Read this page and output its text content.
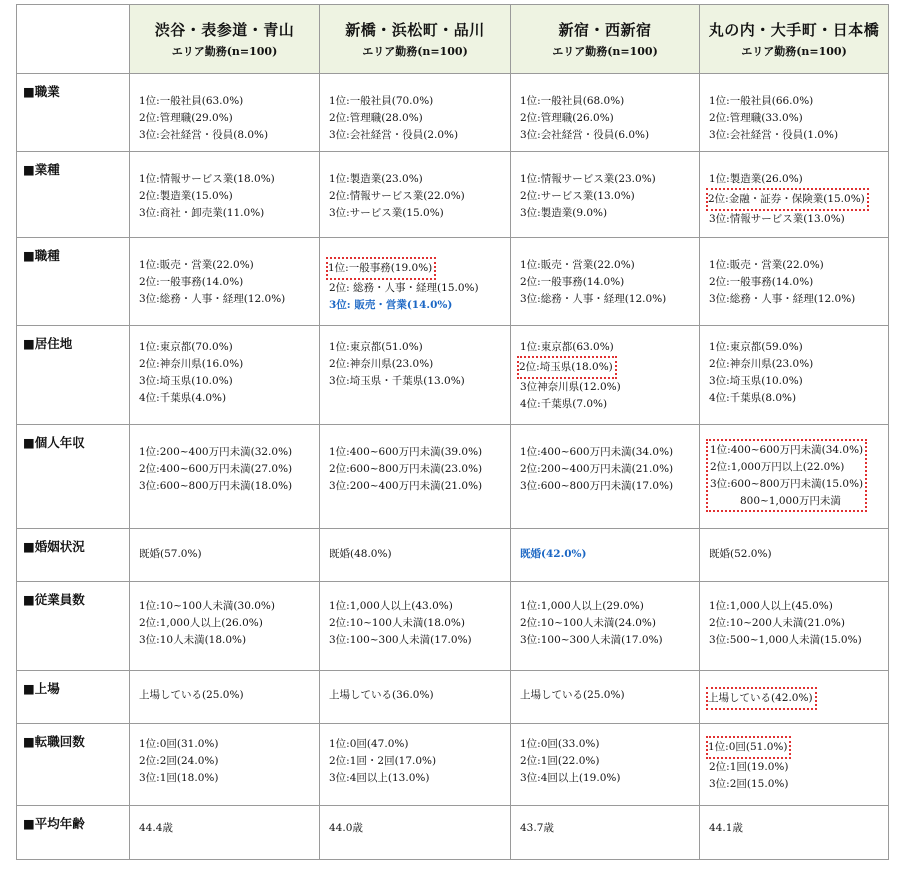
	渋谷・表参道・青山
エリア勤務(n=100)	新橋・浜松町・品川
エリア勤務(n=100)	新宿・西新宿
エリア勤務(n=100)	丸の内・大手町・日本橋
エリア勤務(n=100)

■職業	1位:一般社員(63.0%)
2位:管理職(29.0%)
3位:会社経営・役員(8.0%)	1位:一般社員(70.0%)
2位:管理職(28.0%)
3位:会社経営・役員(2.0%)	1位:一般社員(68.0%)
2位:管理職(26.0%)
3位:会社経営・役員(6.0%)	1位:一般社員(66.0%)
2位:管理職(33.0%)
3位:会社経営・役員(1.0%)

■業種	1位:情報サービス業(18.0%)
2位:製造業(15.0%)
3位:商社・卸売業(11.0%)	1位:製造業(23.0%)
2位:情報サービス業(22.0%)
3位:サービス業(15.0%)	1位:情報サービス業(23.0%)
2位:サービス業(13.0%)
3位:製造業(9.0%)	1位:製造業(26.0%)
2位:金融・証券・保険業(15.0%)
3位:情報サービス業(13.0%)

■職種	1位:販売・営業(22.0%)
2位:一般事務(14.0%)
3位:総務・人事・経理(12.0%)	1位:一般事務(19.0%)
2位: 総務・人事・経理(15.0%)
3位: 販売・営業(14.0%)	1位:販売・営業(22.0%)
2位:一般事務(14.0%)
3位:総務・人事・経理(12.0%)	1位:販売・営業(22.0%)
2位:一般事務(14.0%)
3位:総務・人事・経理(12.0%)

■居住地	1位:東京都(70.0%)
2位:神奈川県(16.0%)
3位:埼玉県(10.0%)
4位:千葉県(4.0%)	1位:東京都(51.0%)
2位:神奈川県(23.0%)
3位:埼玉県・千葉県(13.0%)	1位:東京都(63.0%)
2位:埼玉県(18.0%)
3位神奈川県(12.0%)
4位:千葉県(7.0%)	1位:東京都(59.0%)
2位:神奈川県(23.0%)
3位:埼玉県(10.0%)
4位:千葉県(8.0%)

■個人年収	1位:200~400万円未満(32.0%)
2位:400~600万円未満(27.0%)
3位:600~800万円未満(18.0%)	1位:400~600万円未満(39.0%)
2位:600~800万円未満(23.0%)
3位:200~400万円未満(21.0%)	1位:400~600万円未満(34.0%)
2位:200~400万円未満(21.0%)
3位:600~800万円未満(17.0%)	1位:400~600万円未満(34.0%)
2位:1,000万円以上(22.0%)
3位:600~800万円未満(15.0%)
800~1,000万円未満

■婚姻状況	既婚(57.0%)	既婚(48.0%)	既婚(42.0%)	既婚(52.0%)

■従業員数	1位:10~100人未満(30.0%)
2位:1,000人以上(26.0%)
3位:10人未満(18.0%)	1位:1,000人以上(43.0%)
2位:10~100人未満(18.0%)
3位:100~300人未満(17.0%)	1位:1,000人以上(29.0%)
2位:10~100人未満(24.0%)
3位:100~300人未満(17.0%)	1位:1,000人以上(45.0%)
2位:10~200人未満(21.0%)
3位:500~1,000人未満(15.0%)

■上場	上場している(25.0%)	上場している(36.0%)	上場している(25.0%)	上場している(42.0%)

■転職回数	1位:0回(31.0%)
2位:2回(24.0%)
3位:1回(18.0%)	1位:0回(47.0%)
2位:1回・2回(17.0%)
3位:4回以上(13.0%)	1位:0回(33.0%)
2位:1回(22.0%)
3位:4回以上(19.0%)	1位:0回(51.0%)
2位:1回(19.0%)
3位:2回(15.0%)

■平均年齢	44.4歳	44.0歳	43.7歳	44.1歳
